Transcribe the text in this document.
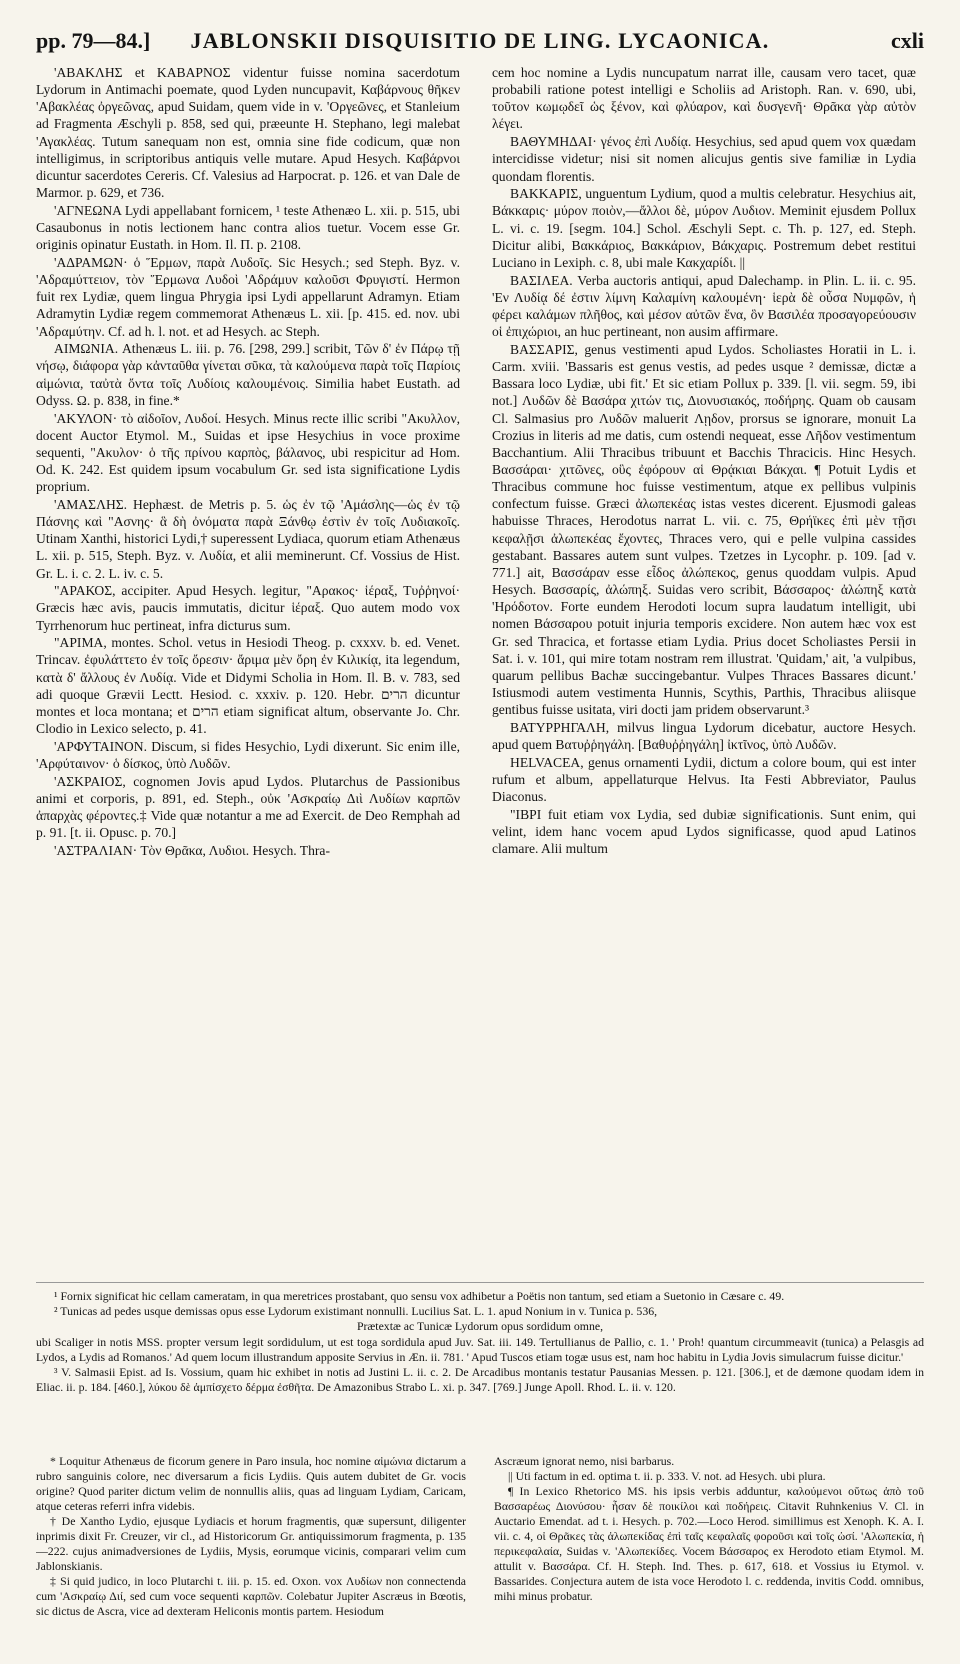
pp. 79—84.]	JABLONSKII DISQUISITIO DE LING. LYCAONICA.	cxli

'ΑΒΑΚΛΗΣ et ΚΑΒΑΡΝΟΣ videntur fuisse nomina sacerdotum Lydorum in Antimachi poemate, quod Lyden nuncupavit, Καβάρνους θῆκεν 'Αβακλέας ὀργεῶνας, apud Suidam, quem vide in v. 'Οργεῶνες, et Stanleium ad Fragmenta Æschyli p. 858, sed qui, præeunte H. Stephano, legi malebat 'Αγακλέας. Tutum sanequam non est, omnia sine fide codicum, quæ non intelligimus, in scriptoribus antiquis velle mutare. Apud Hesych. Καβάρνοι dicuntur sacerdotes Cereris. Cf. Valesius ad Harpocrat. p. 126. et van Dale de Marmor. p. 629, et 736.

'ΑΓΝΕΩΝΑ Lydi appellabant fornicem, ¹ teste Athenæo L. xii. p. 515, ubi Casaubonus in notis lectionem hanc contra alios tuetur. Vocem esse Gr. originis opinatur Eustath. in Hom. Il. Π. p. 2108.

'ΑΔΡΑΜΩΝ· ὁ Ἕρμων, παρὰ Λυδοῖς. Sic Hesych.; sed Steph. Byz. v. 'Αδραμύττειον, τὸν Ἕρμωνα Λυδοὶ 'Αδράμυν καλοῦσι Φρυγιστί. Hermon fuit rex Lydiæ, quem lingua Phrygia ipsi Lydi appellarunt Adramyn. Etiam Adramytin Lydiæ regem commemorat Athenæus L. xii. [p. 415. ed. nov. ubi 'Αδραμύτην. Cf. ad h. l. not. et ad Hesych. ac Steph.

ΑΙΜΩΝΙΑ. Athenæus L. iii. p. 76. [298, 299.] scribit, Τῶν δ' ἐν Πάρῳ τῇ νήσῳ, διάφορα γὰρ κἀνταῦθα γίνεται σῦκα, τὰ καλούμενα παρὰ τοῖς Παρίοις αἱμώνια, ταὐτὰ ὄντα τοῖς Λυδίοις καλουμένοις. Similia habet Eustath. ad Odyss. Ω. p. 838, in fine.*

'ΑΚΥΛΟΝ· τὸ αἰδοῖον, Λυδοί. Hesych. Minus recte illic scribi "Ακυλλον, docent Auctor Etymol. M., Suidas et ipse Hesychius in voce proxime sequenti, "Ακυλον· ὁ τῆς πρίνου καρπὸς, βάλανος, ubi respicitur ad Hom. Od. K. 242. Est quidem ipsum vocabulum Gr. sed ista significatione Lydis proprium.

'ΑΜΑΣΛΗΣ. Hephæst. de Metris p. 5. ὡς ἐν τῷ 'Αμάσλης—ὡς ἐν τῷ Πάσνης καὶ "Ασνης· ἃ δὴ ὀνόματα παρὰ Ξάνθῳ ἐστὶν ἐν τοῖς Λυδιακοῖς. Utinam Xanthi, historici Lydi,† superessent Lydiaca, quorum etiam Athenæus L. xii. p. 515, Steph. Byz. v. Λυδία, et alii meminerunt. Cf. Vossius de Hist. Gr. L. i. c. 2. L. iv. c. 5.

"ΑΡΑΚΟΣ, accipiter. Apud Hesych. legitur, "Αρακος· ἱέραξ, Τυῤῥηνοί· Græcis hæc avis, paucis immutatis, dicitur ἱέραξ. Quo autem modo vox Tyrrhenorum huc pertineat, infra dicturus sum.

"ΑΡΙΜΑ, montes. Schol. vetus in Hesiodi Theog. p. cxxxv. b. ed. Venet. Trincav. ἐφυλάττετο ἐν τοῖς ὄρεσιν· ἄριμα μὲν ὄρη ἐν Κιλικίᾳ, ita legendum, κατὰ δ' ἄλλους ἐν Λυδίᾳ. Vide et Didymi Scholia in Hom. Il. B. v. 783, sed adi quoque Grævii Lectt. Hesiod. c. xxxiv. p. 120. Hebr. הרים dicuntur montes et loca montana; et הרים etiam significat altum, observante Jo. Chr. Clodio in Lexico selecto, p. 41.

'ΑΡΦΥΤΑΙΝΟΝ. Discum, si fides Hesychio, Lydi dixerunt. Sic enim ille, 'Αρφύταινον· ὁ δίσκος, ὑπὸ Λυδῶν.

'ΑΣΚΡΑΙΟΣ, cognomen Jovis apud Lydos. Plutarchus de Passionibus animi et corporis, p. 891, ed. Steph., οὐκ 'Ασκραίῳ Διὶ Λυδίων καρπῶν ἀπαρχὰς φέροντες.‡ Vide quæ notantur a me ad Exercit. de Deo Remphah ad p. 91. [t. ii. Opusc. p. 70.]

'ΑΣΤΡΑΛΙΑΝ· Τὸν Θρᾶκα, Λυδιοι. Hesych. Thra-

cem hoc nomine a Lydis nuncupatum narrat ille, causam vero tacet, quæ probabili ratione potest intelligi e Scholiis ad Aristoph. Ran. v. 690, ubi, τοῦτον κωμῳδεῖ ὡς ξένον, καὶ φλύαρον, καὶ δυσγενῆ· Θρᾶκα γὰρ αὐτὸν λέγει.

ΒΑΘΥΜΗΔΑΙ· γένος ἐπὶ Λυδίᾳ. Hesychius, sed apud quem vox quædam intercidisse videtur; nisi sit nomen alicujus gentis sive familiæ in Lydia quondam florentis.

ΒΑΚΚΑΡΙΣ, unguentum Lydium, quod a multis celebratur. Hesychius ait, Βάκκαρις· μύρον ποιὸν,—ἄλλοι δὲ, μύρον Λυδιον. Meminit ejusdem Pollux L. vi. c. 19. [segm. 104.] Schol. Æschyli Sept. c. Th. p. 127, ed. Steph. Dicitur alibi, Βακκάριος, Βακκάριον, Βάκχαρις. Postremum debet restitui Luciano in Lexiph. c. 8, ubi male Κακχαρίδι. ||

ΒΑΣΙΛΕΑ. Verba auctoris antiqui, apud Dalechamp. in Plin. L. ii. c. 95. 'Εν Λυδίᾳ δέ ἐστιν λίμνη Καλαμίνη καλουμένη· ἱερὰ δὲ οὖσα Νυμφῶν, ἡ φέρει καλάμων πλῆθος, καὶ μέσον αὐτῶν ἕνα, ὃν Βασιλέα προσαγορεύουσιν οἱ ἐπιχώριοι, an huc pertineant, non ausim affirmare.

ΒΑΣΣΑΡΙΣ, genus vestimenti apud Lydos. Scholiastes Horatii in L. i. Carm. xviii. 'Bassaris est genus vestis, ad pedes usque ² demissæ, dictæ a Bassara loco Lydiæ, ubi fit.' Et sic etiam Pollux p. 339. [l. vii. segm. 59, ibi not.] Λυδῶν δὲ Βασάρα χιτών τις, Διονυσιακός, ποδήρης. Quam ob causam Cl. Salmasius pro Λυδῶν maluerit Λῃδον, prorsus se ignorare, monuit La Crozius in literis ad me datis, cum ostendi nequeat, esse Λῆδον vestimentum Bacchantium. Alii Thracibus tribuunt et Bacchis Thracicis. Hinc Hesych. Βασσάραι· χιτῶνες, οὓς ἐφόρουν αἱ Θρᾴκιαι Βάκχαι. ¶ Potuit Lydis et Thracibus commune hoc fuisse vestimentum, atque ex pellibus vulpinis confectum fuisse. Græci ἀλωπεκέας istas vestes dicerent. Ejusmodi galeas habuisse Thraces, Herodotus narrat L. vii. c. 75, Θρήϊκες ἐπὶ μὲν τῇσι κεφαλῇσι ἀλωπεκέας ἔχοντες, Thraces vero, qui e pelle vulpina cassides gestabant. Bassares autem sunt vulpes. Tzetzes in Lycophr. p. 109. [ad v. 771.] ait, Βασσάραν esse εἶδος ἀλώπεκος, genus quoddam vulpis. Apud Hesych. Βασσαρίς, ἀλώπηξ. Suidas vero scribit, Βάσσαρος· ἀλώπηξ κατὰ 'Ηρόδοτον. Forte eundem Herodoti locum supra laudatum intelligit, ubi nomen Βάσσαρου potuit injuria temporis excidere. Non autem hæc vox est Gr. sed Thracica, et fortasse etiam Lydia. Prius docet Scholiastes Persii in Sat. i. v. 101, qui mire totam nostram rem illustrat. 'Quidam,' ait, 'a vulpibus, quarum pellibus Bachæ succingebantur. Vulpes Thraces Bassares dicunt.' Istiusmodi autem vestimenta Hunnis, Scythis, Parthis, Thracibus aliisque gentibus fuisse usitata, viri docti jam pridem observarunt.³

ΒΑΤΥΡΡΗΓΑΛΗ, milvus lingua Lydorum dicebatur, auctore Hesych. apud quem Βατυῤῥηγάλη. [Βαθυῤῥηγάλη] ἰκτῖνος, ὑπὸ Λυδῶν.

HELVACEA, genus ornamenti Lydii, dictum a colore boum, qui est inter rufum et album, appellaturque Helvus. Ita Festi Abbreviator, Paulus Diaconus.

"ΙΒΡΙ fuit etiam vox Lydia, sed dubiæ significationis. Sunt enim, qui velint, idem hanc vocem apud Lydos significasse, quod apud Latinos clamare. Alii multum

¹ Fornix significat hic cellam cameratam, in qua meretrices prostabant, quo sensu vox adhibetur a Poëtis non tantum, sed etiam a Suetonio in Cæsare c. 49.

² Tunicas ad pedes usque demissas opus esse Lydorum existimant nonnulli. Lucilius Sat. L. 1. apud Nonium in v. Tunica p. 536,

Prætextæ ac Tunicæ Lydorum opus sordidum omne,

ubi Scaliger in notis MSS. propter versum legit sordidulum, ut est toga sordidula apud Juv. Sat. iii. 149. Tertullianus de Pallio, c. 1. ' Proh! quantum circummeavit (tunica) a Pelasgis ad Lydos, a Lydis ad Romanos.' Ad quem locum illustrandum apposite Servius in Æn. ii. 781. ' Apud Tuscos etiam togæ usus est, nam hoc habitu in Lydia Jovis simulacrum fuisse dicitur.'

³ V. Salmasii Epist. ad Is. Vossium, quam hic exhibet in notis ad Justini L. ii. c. 2. De Arcadibus montanis testatur Pausanias Messen. p. 121. [306.], et de dæmone quodam idem in Eliac. ii. p. 184. [460.], λύκου δὲ ἀμπίσχετο δέρμα ἐσθῆτα. De Amazonibus Strabo L. xi. p. 347. [769.] Junge Apoll. Rhod. L. ii. v. 120.

* Loquitur Athenæus de ficorum genere in Paro insula, hoc nomine αἱμώνια dictarum a rubro sanguinis colore, nec diversarum a ficis Lydiis. Quis autem dubitet de Gr. vocis origine? Quod pariter dictum velim de nonnullis aliis, quas ad linguam Lydiam, Caricam, atque ceteras referri infra videbis.

† De Xantho Lydio, ejusque Lydiacis et horum fragmentis, quæ supersunt, diligenter inprimis dixit Fr. Creuzer, vir cl., ad Historicorum Gr. antiquissimorum fragmenta, p. 135—222. cujus animadversiones de Lydiis, Mysis, eorumque vicinis, comparari velim cum Jablonskianis.

‡ Si quid judico, in loco Plutarchi t. iii. p. 15. ed. Oxon. vox Λυδίων non connectenda cum 'Ασκραίῳ Διί, sed cum voce sequenti καρπῶν. Colebatur Jupiter Ascræus in Bœotis, sic dictus de Ascra, vice ad dexteram Heliconis montis partem. Hesiodum

Ascræum ignorat nemo, nisi barbarus.

|| Uti factum in ed. optima t. ii. p. 333. V. not. ad Hesych. ubi plura.

¶ In Lexico Rhetorico MS. his ipsis verbis adduntur, καλούμενοι οὕτως ἀπὸ τοῦ Βασσαρέως Διονύσου· ἦσαν δὲ ποικίλοι καὶ ποδήρεις. Citavit Ruhnkenius V. Cl. in Auctario Emendat. ad t. i. Hesych. p. 702.—Loco Herod. simillimus est Xenoph. K. A. I. vii. c. 4, οἱ Θρᾶκες τὰς ἀλωπεκίδας ἐπὶ ταῖς κεφαλαῖς φοροῦσι καὶ τοῖς ὠσί. 'Αλωπεκία, ἡ περικεφαλαία, Suidas v. 'Αλωπεκίδες. Vocem Βάσσαρος ex Herodoto etiam Etymol. M. attulit v. Βασσάρα. Cf. H. Steph. Ind. Thes. p. 617, 618. et Vossius iu Etymol. v. Bassarides. Conjectura autem de ista voce Herodoto l. c. reddenda, invitis Codd. omnibus, mihi minus probatur.
